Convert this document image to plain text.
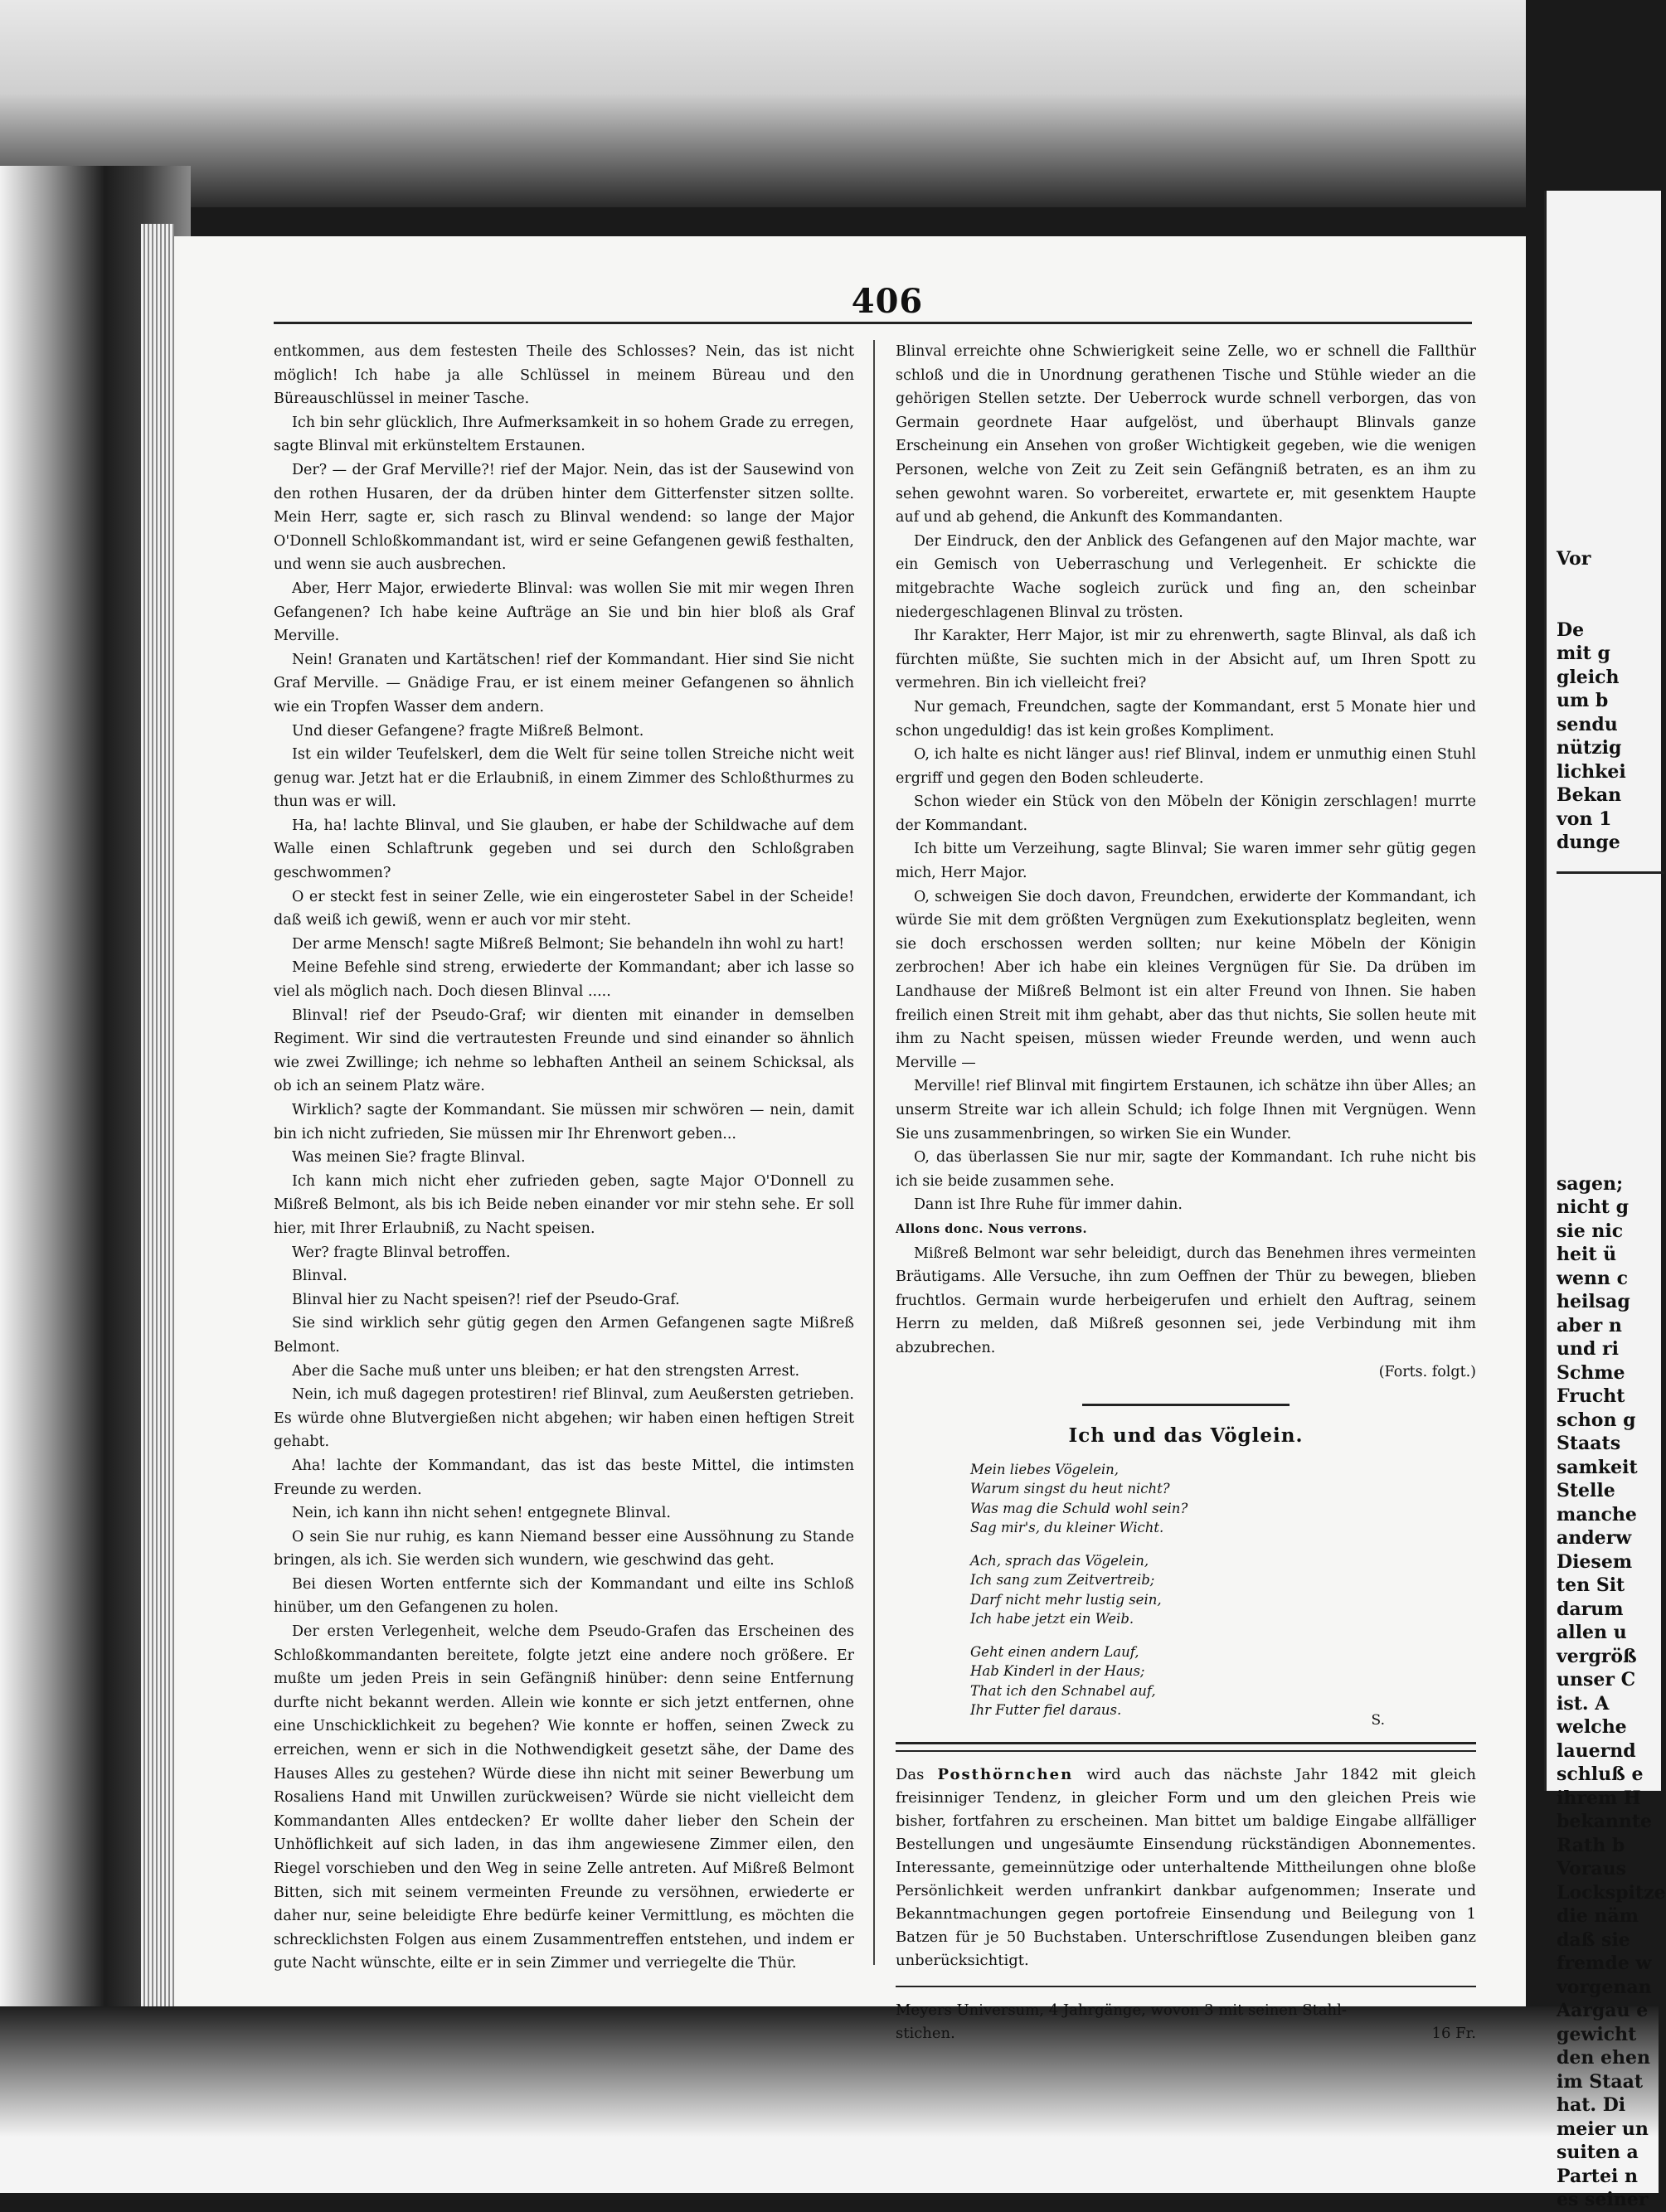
Vor
De
mit g
gleich
um b
sendu
nützig
lichkei
Bekan
von 1
dunge
sagen;
nicht g
sie nic
heit ü
wenn c
heilsag
aber n
und ri
Schme
Frucht
schon g
Staats
samkeit
Stelle
manche
anderw
Diesem
ten Sit
darum
allen u
vergröß
unser C
ist. A
welche
lauernd
schluß e
ihrem H
bekannte
Rath b
Voraus
Lockspitze
die näm
daß sie
fremde w
vorgenan
Aargau e
gewicht
den ehen
im Staat
hat. Di
meier un
suiten a
Partei n
es seiner
406

entkommen, aus dem festesten Theile des Schlosses? Nein, das ist nicht möglich! Ich habe ja alle Schlüssel in meinem Büreau und den Büreauschlüssel in meiner Tasche.

Ich bin sehr glücklich, Ihre Aufmerksamkeit in so hohem Grade zu erregen, sagte Blinval mit erkünsteltem Erstaunen.

Der? — der Graf Merville?! rief der Major. Nein, das ist der Sausewind von den rothen Husaren, der da drüben hinter dem Gitterfenster sitzen sollte. Mein Herr, sagte er, sich rasch zu Blinval wendend: so lange der Major O'Donnell Schloßkommandant ist, wird er seine Gefangenen gewiß festhalten, und wenn sie auch ausbrechen.

Aber, Herr Major, erwiederte Blinval: was wollen Sie mit mir wegen Ihren Gefangenen? Ich habe keine Aufträge an Sie und bin hier bloß als Graf Merville.

Nein! Granaten und Kartätschen! rief der Kommandant. Hier sind Sie nicht Graf Merville. — Gnädige Frau, er ist einem meiner Gefangenen so ähnlich wie ein Tropfen Wasser dem andern.

Und dieser Gefangene? fragte Mißreß Belmont.

Ist ein wilder Teufelskerl, dem die Welt für seine tollen Streiche nicht weit genug war. Jetzt hat er die Erlaubniß, in einem Zimmer des Schloßthurmes zu thun was er will.

Ha, ha! lachte Blinval, und Sie glauben, er habe der Schildwache auf dem Walle einen Schlaftrunk gegeben und sei durch den Schloßgraben geschwommen?

O er steckt fest in seiner Zelle, wie ein eingerosteter Sabel in der Scheide! daß weiß ich gewiß, wenn er auch vor mir steht.

Der arme Mensch! sagte Mißreß Belmont; Sie behandeln ihn wohl zu hart!

Meine Befehle sind streng, erwiederte der Kommandant; aber ich lasse so viel als möglich nach. Doch diesen Blinval .....

Blinval! rief der Pseudo-Graf; wir dienten mit einander in demselben Regiment. Wir sind die vertrautesten Freunde und sind einander so ähnlich wie zwei Zwillinge; ich nehme so lebhaften Antheil an seinem Schicksal, als ob ich an seinem Platz wäre.

Wirklich? sagte der Kommandant. Sie müssen mir schwören — nein, damit bin ich nicht zufrieden, Sie müssen mir Ihr Ehrenwort geben...

Was meinen Sie? fragte Blinval.

Ich kann mich nicht eher zufrieden geben, sagte Major O'Donnell zu Mißreß Belmont, als bis ich Beide neben einander vor mir stehn sehe. Er soll hier, mit Ihrer Erlaubniß, zu Nacht speisen.

Wer? fragte Blinval betroffen.

Blinval.

Blinval hier zu Nacht speisen?! rief der Pseudo-Graf.

Sie sind wirklich sehr gütig gegen den Armen Gefangenen sagte Mißreß Belmont.

Aber die Sache muß unter uns bleiben; er hat den strengsten Arrest.

Nein, ich muß dagegen protestiren! rief Blinval, zum Aeußersten getrieben. Es würde ohne Blutvergießen nicht abgehen; wir haben einen heftigen Streit gehabt.

Aha! lachte der Kommandant, das ist das beste Mittel, die intimsten Freunde zu werden.

Nein, ich kann ihn nicht sehen! entgegnete Blinval.

O sein Sie nur ruhig, es kann Niemand besser eine Aussöhnung zu Stande bringen, als ich. Sie werden sich wundern, wie geschwind das geht.

Bei diesen Worten entfernte sich der Kommandant und eilte ins Schloß hinüber, um den Gefangenen zu holen.

Der ersten Verlegenheit, welche dem Pseudo-Grafen das Erscheinen des Schloßkommandanten bereitete, folgte jetzt eine andere noch größere. Er mußte um jeden Preis in sein Gefängniß hinüber: denn seine Entfernung durfte nicht bekannt werden. Allein wie konnte er sich jetzt entfernen, ohne eine Unschicklichkeit zu begehen? Wie konnte er hoffen, seinen Zweck zu erreichen, wenn er sich in die Nothwendigkeit gesetzt sähe, der Dame des Hauses Alles zu gestehen? Würde diese ihn nicht mit seiner Bewerbung um Rosaliens Hand mit Unwillen zurückweisen? Würde sie nicht vielleicht dem Kommandanten Alles entdecken? Er wollte daher lieber den Schein der Unhöflichkeit auf sich laden, in das ihm angewiesene Zimmer eilen, den Riegel vorschieben und den Weg in seine Zelle antreten. Auf Mißreß Belmont Bitten, sich mit seinem vermeinten Freunde zu versöhnen, erwiederte er daher nur, seine beleidigte Ehre bedürfe keiner Vermittlung, es möchten die schrecklichsten Folgen aus einem Zusammentreffen entstehen, und indem er gute Nacht wünschte, eilte er in sein Zimmer und verriegelte die Thür.

Blinval erreichte ohne Schwierigkeit seine Zelle, wo er schnell die Fallthür schloß und die in Unordnung gerathenen Tische und Stühle wieder an die gehörigen Stellen setzte. Der Ueberrock wurde schnell verborgen, das von Germain geordnete Haar aufgelöst, und überhaupt Blinvals ganze Erscheinung ein Ansehen von großer Wichtigkeit gegeben, wie die wenigen Personen, welche von Zeit zu Zeit sein Gefängniß betraten, es an ihm zu sehen gewohnt waren. So vorbereitet, erwartete er, mit gesenktem Haupte auf und ab gehend, die Ankunft des Kommandanten.

Der Eindruck, den der Anblick des Gefangenen auf den Major machte, war ein Gemisch von Ueberraschung und Verlegenheit. Er schickte die mitgebrachte Wache sogleich zurück und fing an, den scheinbar niedergeschlagenen Blinval zu trösten.

Ihr Karakter, Herr Major, ist mir zu ehrenwerth, sagte Blinval, als daß ich fürchten müßte, Sie suchten mich in der Absicht auf, um Ihren Spott zu vermehren. Bin ich vielleicht frei?

Nur gemach, Freundchen, sagte der Kommandant, erst 5 Monate hier und schon ungeduldig! das ist kein großes Kompliment.

O, ich halte es nicht länger aus! rief Blinval, indem er unmuthig einen Stuhl ergriff und gegen den Boden schleuderte.

Schon wieder ein Stück von den Möbeln der Königin zerschlagen! murrte der Kommandant.

Ich bitte um Verzeihung, sagte Blinval; Sie waren immer sehr gütig gegen mich, Herr Major.

O, schweigen Sie doch davon, Freundchen, erwiderte der Kommandant, ich würde Sie mit dem größten Vergnügen zum Exekutionsplatz begleiten, wenn sie doch erschossen werden sollten; nur keine Möbeln der Königin zerbrochen! Aber ich habe ein kleines Vergnügen für Sie. Da drüben im Landhause der Mißreß Belmont ist ein alter Freund von Ihnen. Sie haben freilich einen Streit mit ihm gehabt, aber das thut nichts, Sie sollen heute mit ihm zu Nacht speisen, müssen wieder Freunde werden, und wenn auch Merville —

Merville! rief Blinval mit fingirtem Erstaunen, ich schätze ihn über Alles; an unserm Streite war ich allein Schuld; ich folge Ihnen mit Vergnügen. Wenn Sie uns zusammenbringen, so wirken Sie ein Wunder.

O, das überlassen Sie nur mir, sagte der Kommandant. Ich ruhe nicht bis ich sie beide zusammen sehe.

Dann ist Ihre Ruhe für immer dahin.

Allons donc. Nous verrons.

Mißreß Belmont war sehr beleidigt, durch das Benehmen ihres vermeinten Bräutigams. Alle Versuche, ihn zum Oeffnen der Thür zu bewegen, blieben fruchtlos. Germain wurde herbeigerufen und erhielt den Auftrag, seinem Herrn zu melden, daß Mißreß gesonnen sei, jede Verbindung mit ihm abzubrechen.

(Forts. folgt.)

Ich und das Vöglein.
Mein liebes Vögelein,
Warum singst du heut nicht?
Was mag die Schuld wohl sein?
Sag mir's, du kleiner Wicht.
Ach, sprach das Vögelein,
Ich sang zum Zeitvertreib;
Darf nicht mehr lustig sein,
Ich habe jetzt ein Weib.
Geht einen andern Lauf,
Hab Kinderl in der Haus;
That ich den Schnabel auf,
Ihr Futter fiel daraus.
S.

Das Posthörnchen wird auch das nächste Jahr 1842 mit gleich freisinniger Tendenz, in gleicher Form und um den gleichen Preis wie bisher, fortfahren zu erscheinen. Man bittet um baldige Eingabe allfälliger Bestellungen und ungesäumte Einsendung rückständigen Abonnementes. Interessante, gemeinnützige oder unterhaltende Mittheilungen ohne bloße Persönlichkeit werden unfrankirt dankbar aufgenommen; Inserate und Bekanntmachungen gegen portofreie Einsendung und Beilegung von 1 Batzen für je 50 Buchstaben. Unterschriftlose Zusendungen bleiben ganz unberücksichtigt.

Meyers Universum, 4 Jahrgänge, wovon 3 mit seinen Stahl-
stichen.	16 Fr.
